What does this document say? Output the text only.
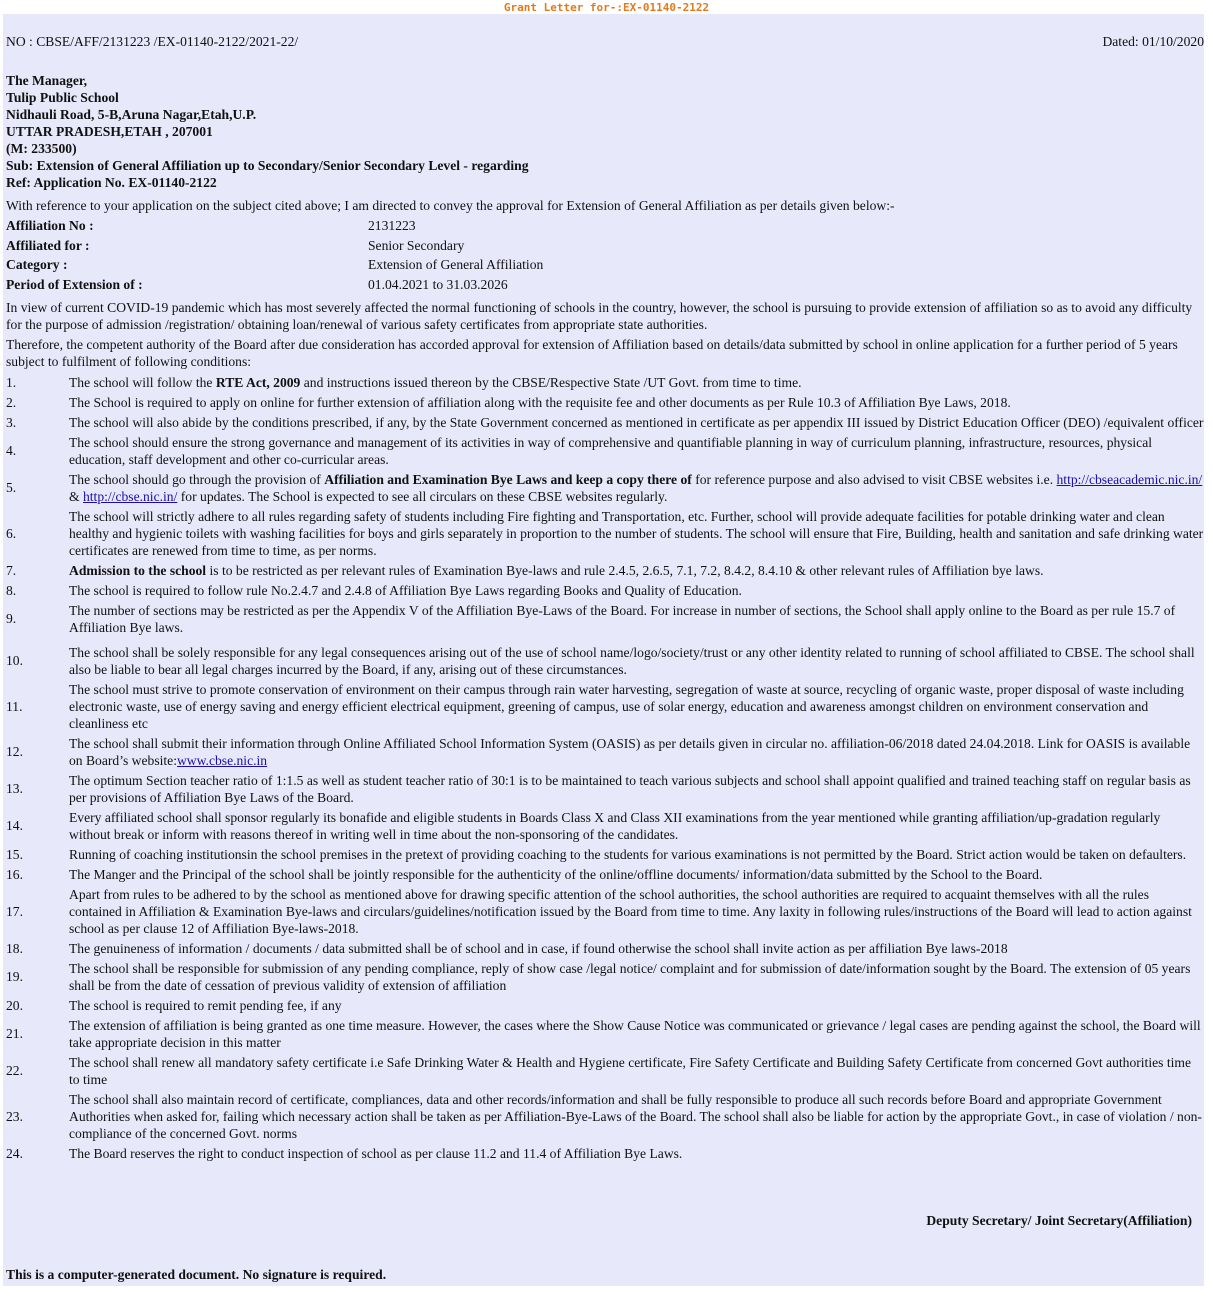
Grant Letter for-:EX-01140-2122
NO : CBSE/AFF/2131223 /EX-01140-2122/2021-22/	Dated: 01/10/2020
The Manager,
Tulip Public School
Nidhauli Road, 5-B,Aruna Nagar,Etah,U.P.
UTTAR PRADESH,ETAH , 207001
(M: 233500)
Sub: Extension of General Affiliation up to Secondary/Senior Secondary Level - regarding
Ref: Application No. EX-01140-2122
With reference to your application on the subject cited above; I am directed to convey the approval for Extension of General Affiliation as per details given below:-
Affiliation No :	2131223
Affiliated for :	Senior Secondary
Category :	Extension of General Affiliation
Period of Extension of :	01.04.2021 to 31.03.2026
In view of current COVID-19 pandemic which has most severely affected the normal functioning of schools in the country, however, the school is pursuing to provide extension of affiliation so as to avoid any difficulty for the purpose of admission /registration/ obtaining loan/renewal of various safety certificates from appropriate state authorities.
Therefore, the competent authority of the Board after due consideration has accorded approval for extension of Affiliation based on details/data submitted by school in online application for a further period of 5 years subject to fulfilment of following conditions:
1.	The school will follow the RTE Act, 2009 and instructions issued thereon by the CBSE/Respective State /UT Govt. from time to time.
2.	The School is required to apply on online for further extension of affiliation along with the requisite fee and other documents as per Rule 10.3 of Affiliation Bye Laws, 2018.
3.	The school will also abide by the conditions prescribed, if any, by the State Government concerned as mentioned in certificate as per appendix III issued by District Education Officer (DEO) /equivalent officer
4.
The school should ensure the strong governance and management of its activities in way of comprehensive and quantifiable planning in way of curriculum planning, infrastructure, resources, physical education, staff development and other co-curricular areas.
5.
The school should go through the provision of Affiliation and Examination Bye Laws and keep a copy there of for reference purpose and also advised to visit CBSE websites i.e. http://cbseacademic.nic.in/ & http://cbse.nic.in/ for updates. The School is expected to see all circulars on these CBSE websites regularly.
6.
The school will strictly adhere to all rules regarding safety of students including Fire fighting and Transportation, etc. Further, school will provide adequate facilities for potable drinking water and clean healthy and hygienic toilets with washing facilities for boys and girls separately in proportion to the number of students. The school will ensure that Fire, Building, health and sanitation and safe drinking water certificates are renewed from time to time, as per norms.
7.	Admission to the school is to be restricted as per relevant rules of Examination Bye-laws and rule 2.4.5, 2.6.5, 7.1, 7.2, 8.4.2, 8.4.10 & other relevant rules of Affiliation bye laws.
8.	The school is required to follow rule No.2.4.7 and 2.4.8 of Affiliation Bye Laws regarding Books and Quality of Education.
9.
The number of sections may be restricted as per the Appendix V of the Affiliation Bye-Laws of the Board. For increase in number of sections, the School shall apply online to the Board as per rule 15.7 of Affiliation Bye laws.
10.
The school shall be solely responsible for any legal consequences arising out of the use of school name/logo/society/trust or any other identity related to running of school affiliated to CBSE. The school shall also be liable to bear all legal charges incurred by the Board, if any, arising out of these circumstances.
11.
The school must strive to promote conservation of environment on their campus through rain water harvesting, segregation of waste at source, recycling of organic waste, proper disposal of waste including electronic waste, use of energy saving and energy efficient electrical equipment, greening of campus, use of solar energy, education and awareness amongst children on environment conservation and cleanliness etc
12.
The school shall submit their information through Online Affiliated School Information System (OASIS) as per details given in circular no. affiliation-06/2018 dated 24.04.2018. Link for OASIS is available on Board’s website:www.cbse.nic.in
13.
The optimum Section teacher ratio of 1:1.5 as well as student teacher ratio of 30:1 is to be maintained to teach various subjects and school shall appoint qualified and trained teaching staff on regular basis as per provisions of Affiliation Bye Laws of the Board.
14.
Every affiliated school shall sponsor regularly its bonafide and eligible students in Boards Class X and Class XII examinations from the year mentioned while granting affiliation/up-gradation regularly without break or inform with reasons thereof in writing well in time about the non-sponsoring of the candidates.
15.	Running of coaching institutionsin the school premises in the pretext of providing coaching to the students for various examinations is not permitted by the Board. Strict action would be taken on defaulters.
16.	The Manger and the Principal of the school shall be jointly responsible for the authenticity of the online/offline documents/ information/data submitted by the School to the Board.
17.
Apart from rules to be adhered to by the school as mentioned above for drawing specific attention of the school authorities, the school authorities are required to acquaint themselves with all the rules contained in Affiliation & Examination Bye-laws and circulars/guidelines/notification issued by the Board from time to time. Any laxity in following rules/instructions of the Board will lead to action against school as per clause 12 of Affiliation Bye-laws-2018.
18.	The genuineness of information / documents / data submitted shall be of school and in case, if found otherwise the school shall invite action as per affiliation Bye laws-2018
19.
The school shall be responsible for submission of any pending compliance, reply of show case /legal notice/ complaint and for submission of date/information sought by the Board. The extension of 05 years shall be from the date of cessation of previous validity of extension of affiliation
20.	The school is required to remit pending fee, if any
21.
The extension of affiliation is being granted as one time measure. However, the cases where the Show Cause Notice was communicated or grievance / legal cases are pending against the school, the Board will take appropriate decision in this matter
22.
The school shall renew all mandatory safety certificate i.e Safe Drinking Water & Health and Hygiene certificate, Fire Safety Certificate and Building Safety Certificate from concerned Govt authorities time to time
23.
The school shall also maintain record of certificate, compliances, data and other records/information and shall be fully responsible to produce all such records before Board and appropriate Government Authorities when asked for, failing which necessary action shall be taken as per Affiliation-Bye-Laws of the Board. The school shall also be liable for action by the appropriate Govt., in case of violation / non-compliance of the concerned Govt. norms
24.	The Board reserves the right to conduct inspection of school as per clause 11.2 and 11.4 of Affiliation Bye Laws.
Deputy Secretary/ Joint Secretary(Affiliation)
This is a computer-generated document. No signature is required.
